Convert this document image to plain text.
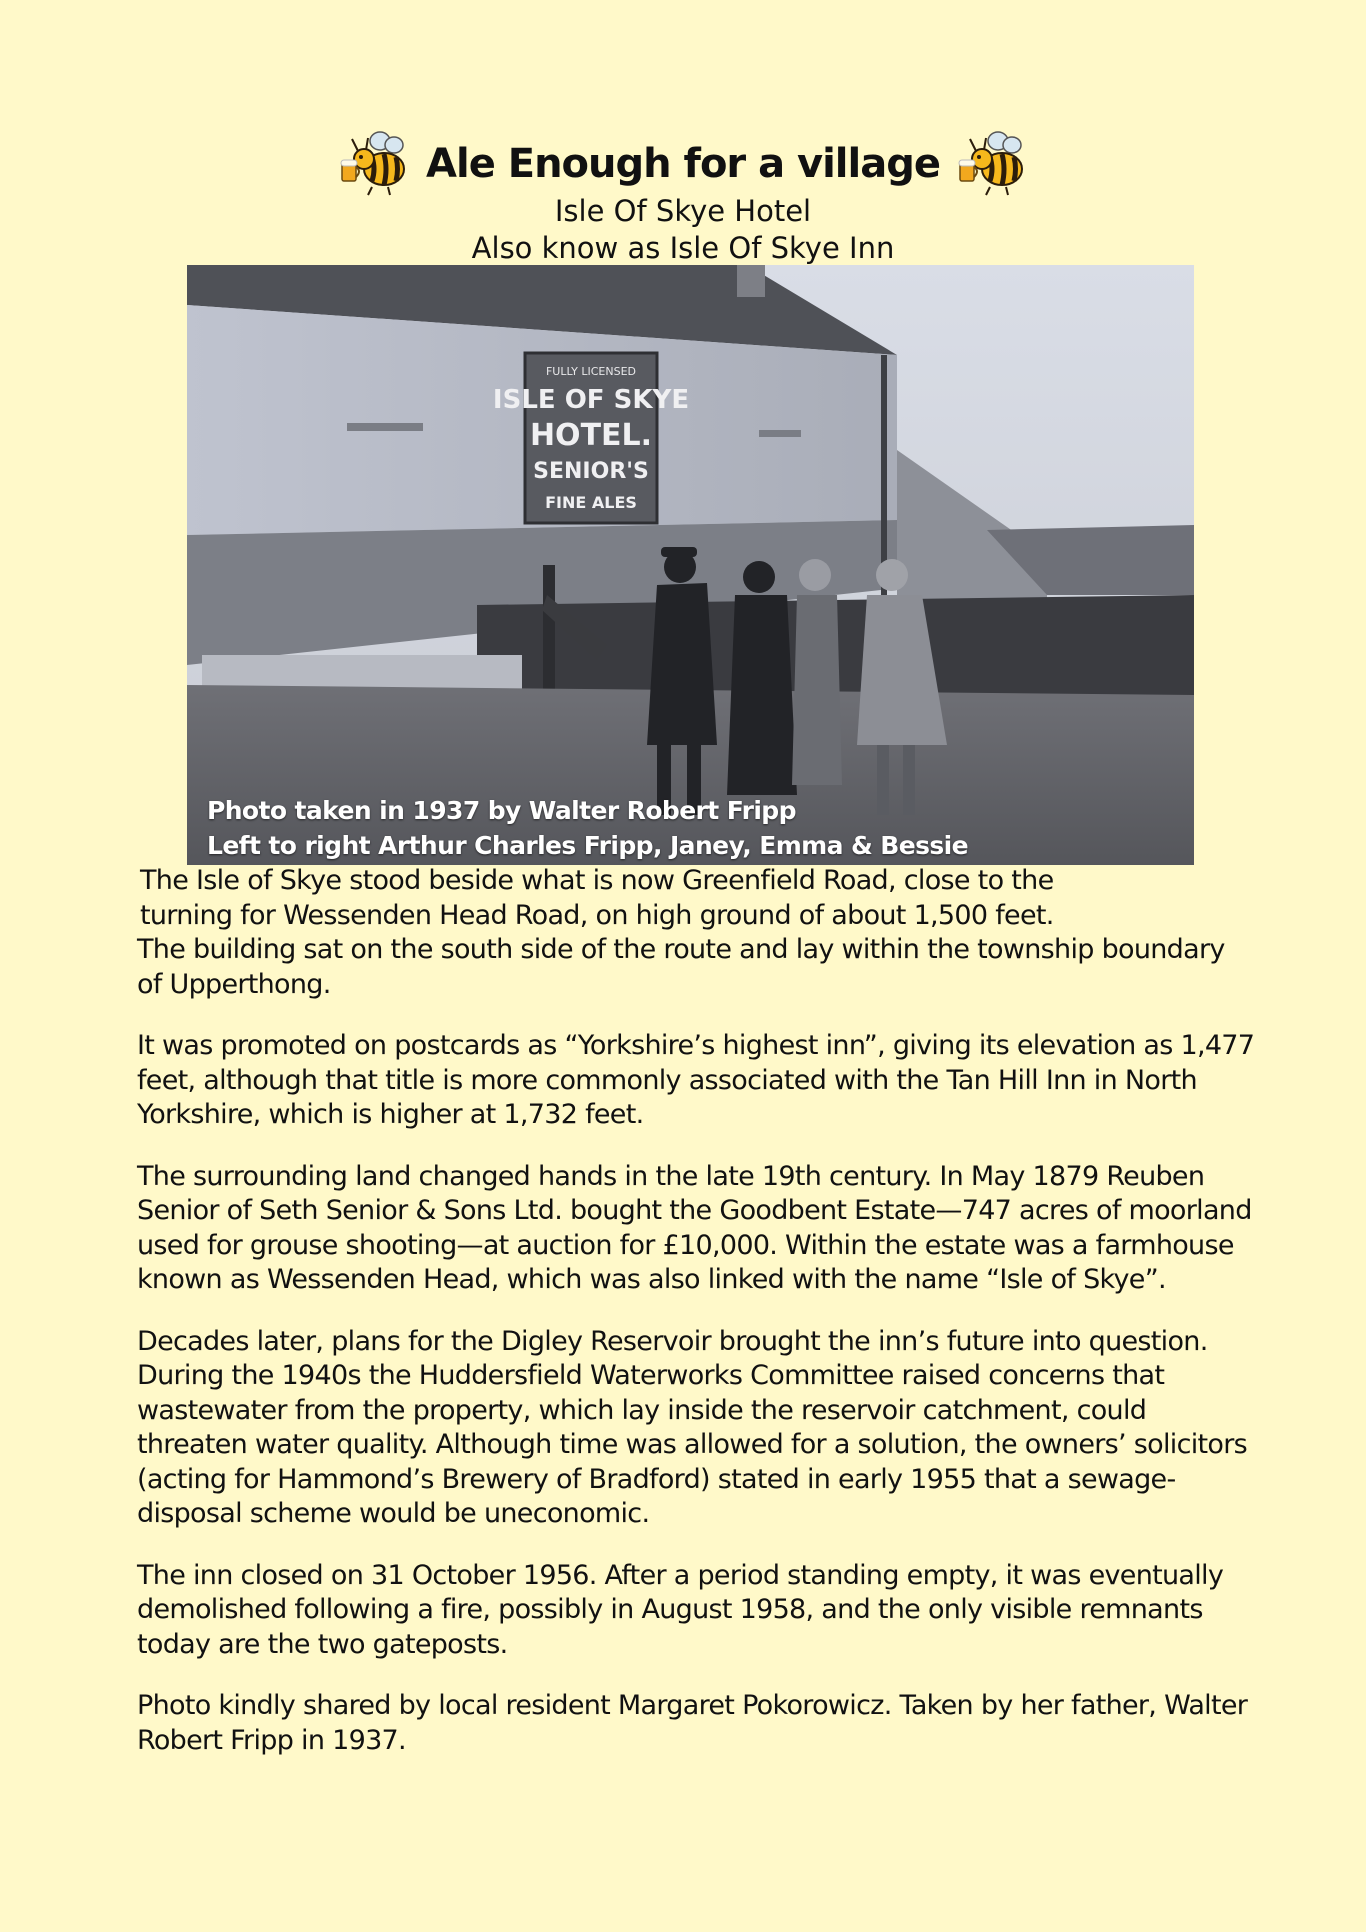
Ale Enough for a village
Isle Of Skye Hotel
Also know as Isle Of Skye Inn
FULLY LICENSED
ISLE OF SKYE
HOTEL.
SENIOR'S
FINE ALES
Photo taken in 1937 by Walter Robert Fripp
Left to right Arthur Charles Fripp, Janey, Emma & Bessie

The Isle of Skye stood beside what is now Greenfield Road, close to the
turning for Wessenden Head Road, on high ground of about 1,500 feet.
The building sat on the south side of the route and lay within the township boundary of Upperthong.

It was promoted on postcards as “Yorkshire’s highest inn”, giving its elevation as 1,477 feet, although that title is more commonly associated with the Tan Hill Inn in North Yorkshire, which is higher at 1,732 feet.

The surrounding land changed hands in the late 19th century. In May 1879 Reuben Senior of Seth Senior & Sons Ltd. bought the Goodbent Estate—747 acres of moorland used for grouse shooting—at auction for £10,000. Within the estate was a farmhouse known as Wessenden Head, which was also linked with the name “Isle of Skye”.

Decades later, plans for the Digley Reservoir brought the inn’s future into question. During the 1940s the Huddersfield Waterworks Committee raised concerns that wastewater from the property, which lay inside the reservoir catchment, could threaten water quality. Although time was allowed for a solution, the owners’ solicitors (acting for Hammond’s Brewery of Bradford) stated in early 1955 that a sewage-disposal scheme would be uneconomic.

The inn closed on 31 October 1956. After a period standing empty, it was eventually demolished following a fire, possibly in August 1958, and the only visible remnants today are the two gateposts.

Photo kindly shared by local resident Margaret Pokorowicz. Taken by her father, Walter Robert Fripp in 1937.
